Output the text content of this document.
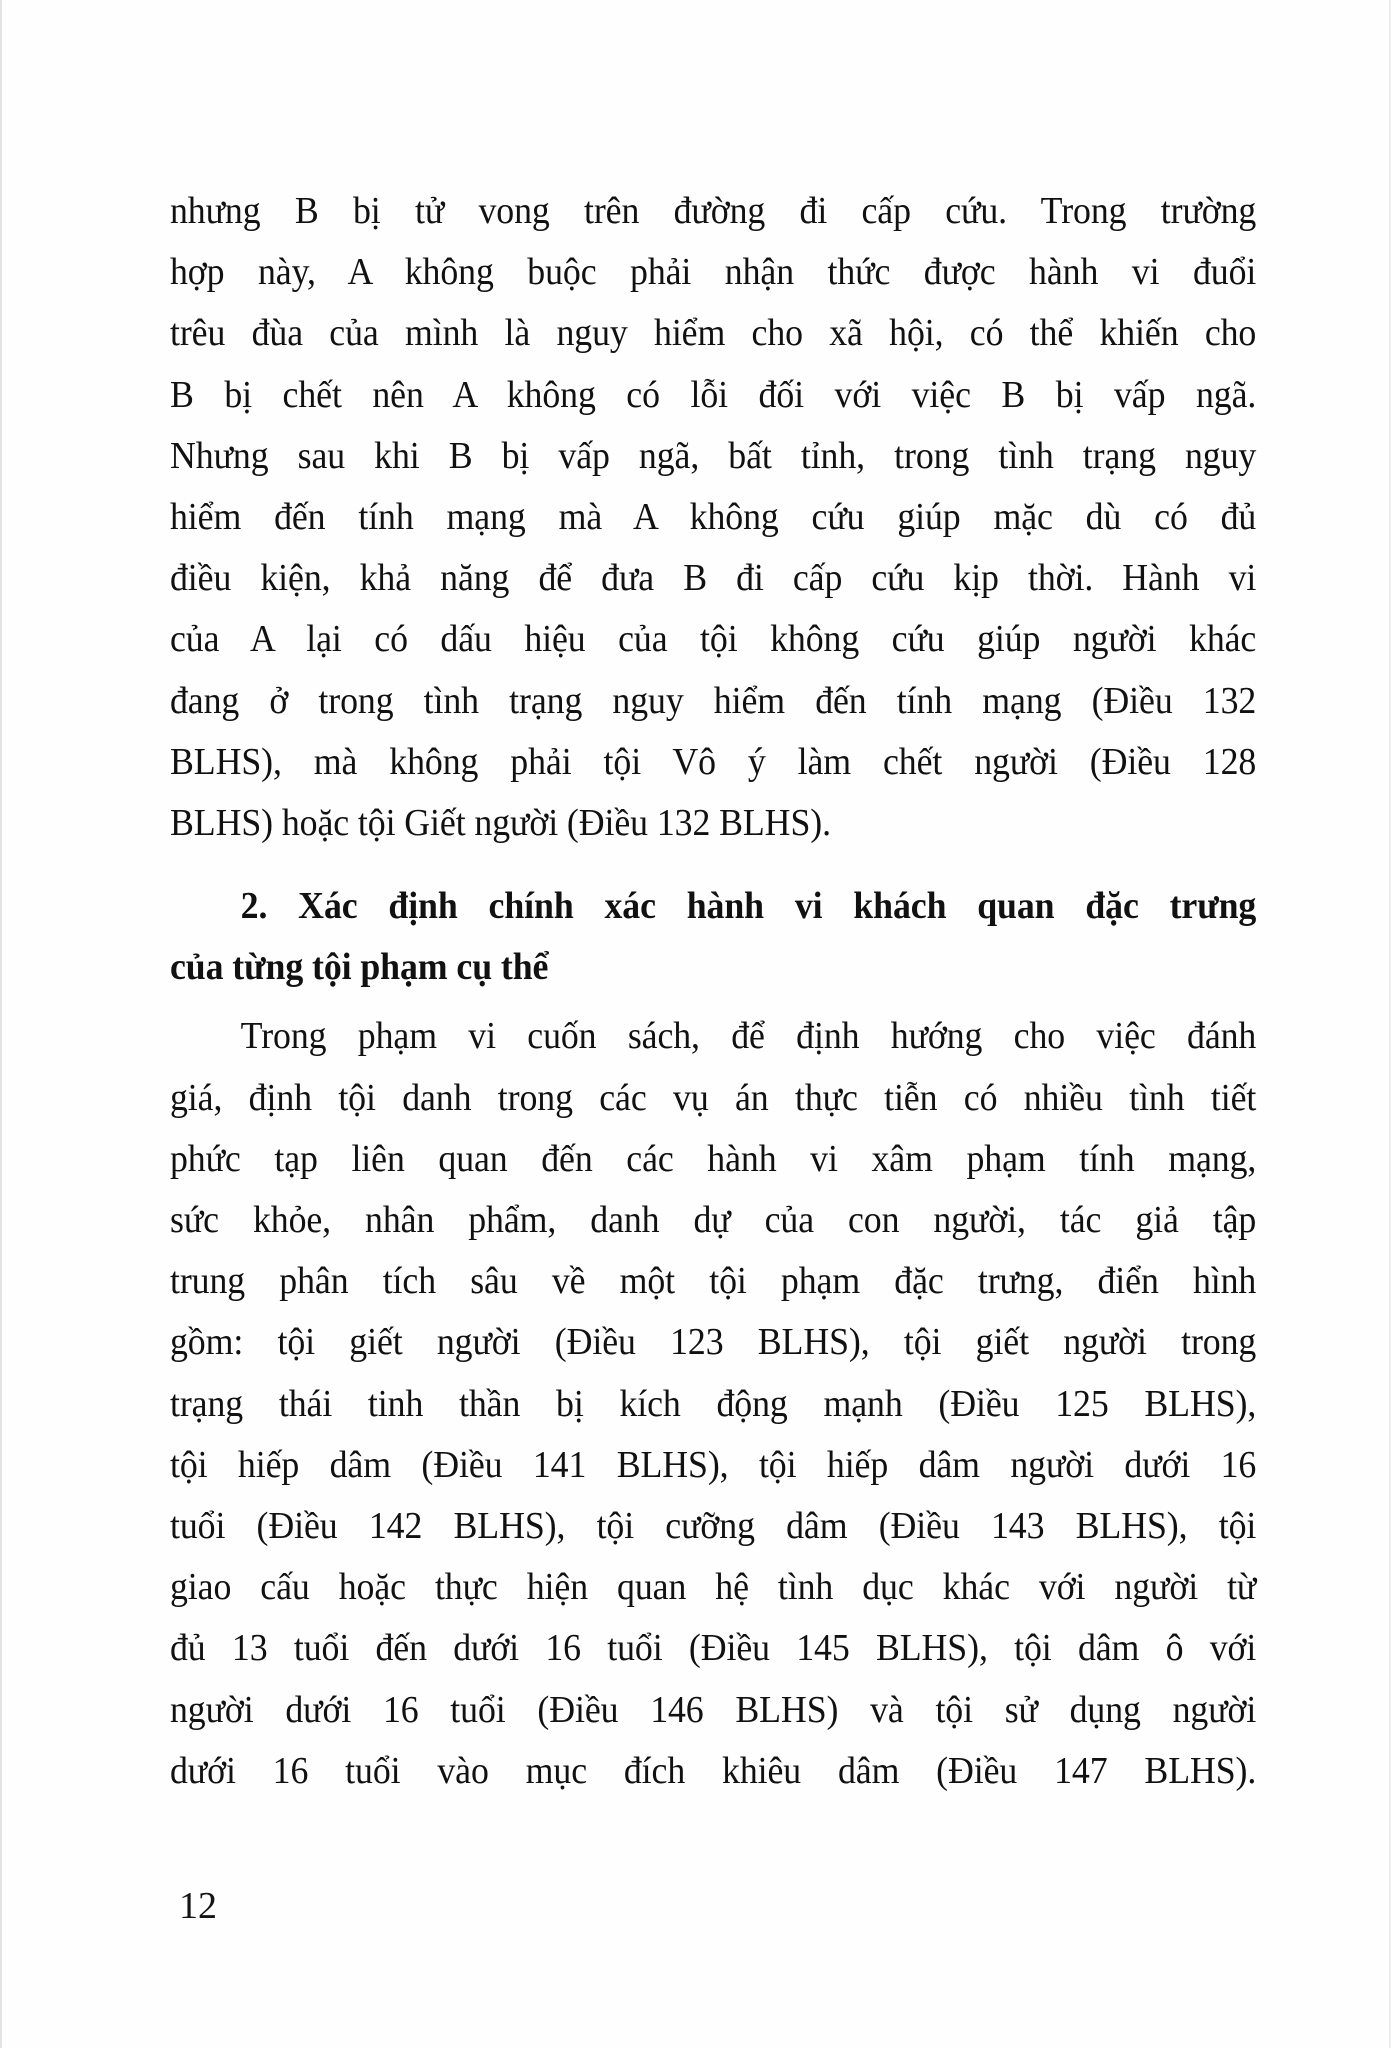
nhưng B bị tử vong trên đường đi cấp cứu. Trong trường
hợp này, A không buộc phải nhận thức được hành vi đuổi
trêu đùa của mình là nguy hiểm cho xã hội, có thể khiến cho
B bị chết nên A không có lỗi đối với việc B bị vấp ngã.
Nhưng sau khi B bị vấp ngã, bất tỉnh, trong tình trạng nguy
hiểm đến tính mạng mà A không cứu giúp mặc dù có đủ
điều kiện, khả năng để đưa B đi cấp cứu kịp thời. Hành vi
của A lại có dấu hiệu của tội không cứu giúp người khác
đang ở trong tình trạng nguy hiểm đến tính mạng (Điều 132
BLHS), mà không phải tội Vô ý làm chết người (Điều 128
BLHS) hoặc tội Giết người (Điều 132 BLHS).
2. Xác định chính xác hành vi khách quan đặc trưng
của từng tội phạm cụ thể
Trong phạm vi cuốn sách, để định hướng cho việc đánh
giá, định tội danh trong các vụ án thực tiễn có nhiều tình tiết
phức tạp liên quan đến các hành vi xâm phạm tính mạng,
sức khỏe, nhân phẩm, danh dự của con người, tác giả tập
trung phân tích sâu về một tội phạm đặc trưng, điển hình
gồm: tội giết người (Điều 123 BLHS), tội giết người trong
trạng thái tinh thần bị kích động mạnh (Điều 125 BLHS),
tội hiếp dâm (Điều 141 BLHS), tội hiếp dâm người dưới 16
tuổi (Điều 142 BLHS), tội cưỡng dâm (Điều 143 BLHS), tội
giao cấu hoặc thực hiện quan hệ tình dục khác với người từ
đủ 13 tuổi đến dưới 16 tuổi (Điều 145 BLHS), tội dâm ô với
người dưới 16 tuổi (Điều 146 BLHS) và tội sử dụng người
dưới 16 tuổi vào mục đích khiêu dâm (Điều 147 BLHS).
12
